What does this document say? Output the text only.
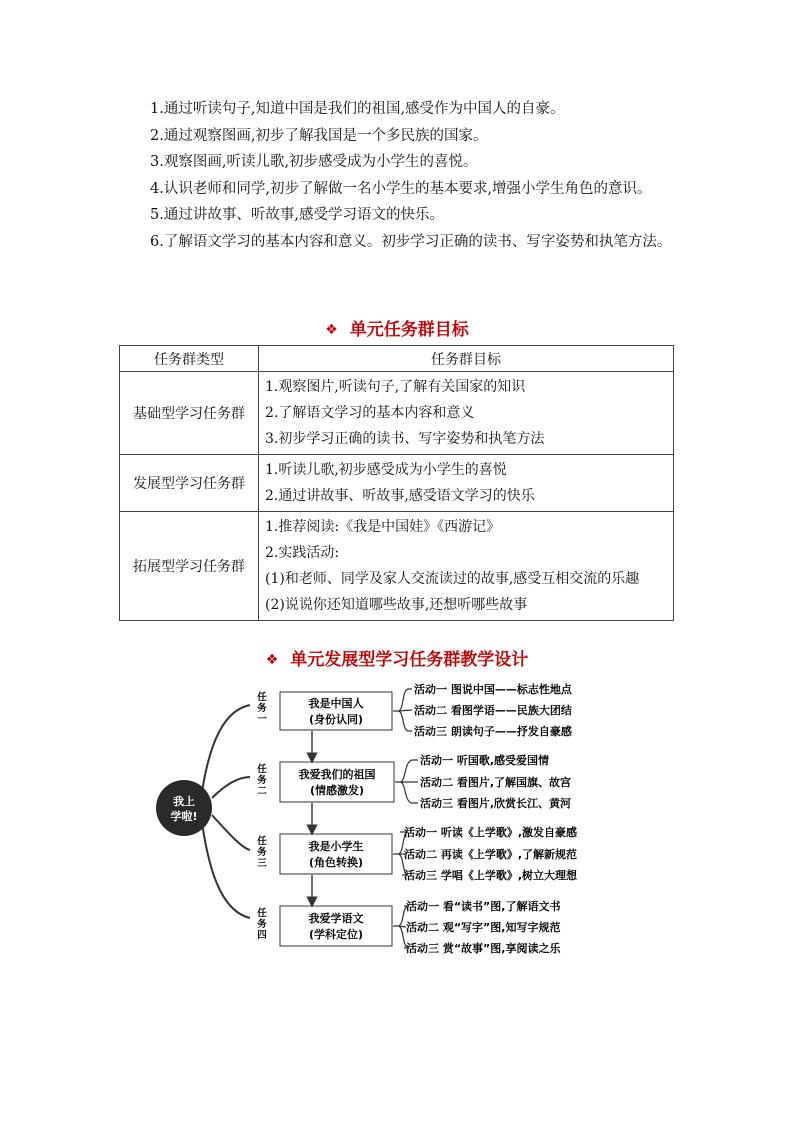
1.通过听读句子,知道中国是我们的祖国,感受作为中国人的自豪。

2.通过观察图画,初步了解我国是一个多民族的国家。

3.观察图画,听读儿歌,初步感受成为小学生的喜悦。

4.认识老师和同学,初步了解做一名小学生的基本要求,增强小学生角色的意识。

5.通过讲故事、听故事,感受学习语文的快乐。

6.了解语文学习的基本内容和意义。初步学习正确的读书、写字姿势和执笔方法。

❖ 单元任务群目标
任务群类型	任务群目标
基础型学习任务群	1.观察图片,听读句子,了解有关国家的知识
2.了解语文学习的基本内容和意义
3.初步学习正确的读书、写字姿势和执笔方法

发展型学习任务群	1.听读儿歌,初步感受成为小学生的喜悦
2.通过讲故事、听故事,感受语文学习的快乐

拓展型学习任务群	1.推荐阅读:《我是中国娃》《西游记》
2.实践活动:
(1)和老师、同学及家人交流读过的故事,感受互相交流的乐趣
(2)说说你还知道哪些故事,还想听哪些故事
❖ 单元发展型学习任务群教学设计
我上
学啦!
任
务
一
任
务
二
任
务
三
任
务
四
我是中国人
(身份认同)
我爱我们的祖国
(情感激发)
我是小学生
(角色转换)
我爱学语文
(学科定位)
活动一 图说中国——标志性地点
活动二 看图学语——民族大团结
活动三 朗读句子——抒发自豪感
活动一 听国歌,感受爱国情
活动二 看图片,了解国旗、故宫
活动三 看图片,欣赏长江、黄河
活动一 听读《上学歌》,激发自豪感
活动二 再读《上学歌》,了解新规范
活动三 学唱《上学歌》,树立大理想
活动一 看“读书”图,了解语文书
活动二 观“写字”图,知写字规范
活动三 赏“故事”图,享阅读之乐
